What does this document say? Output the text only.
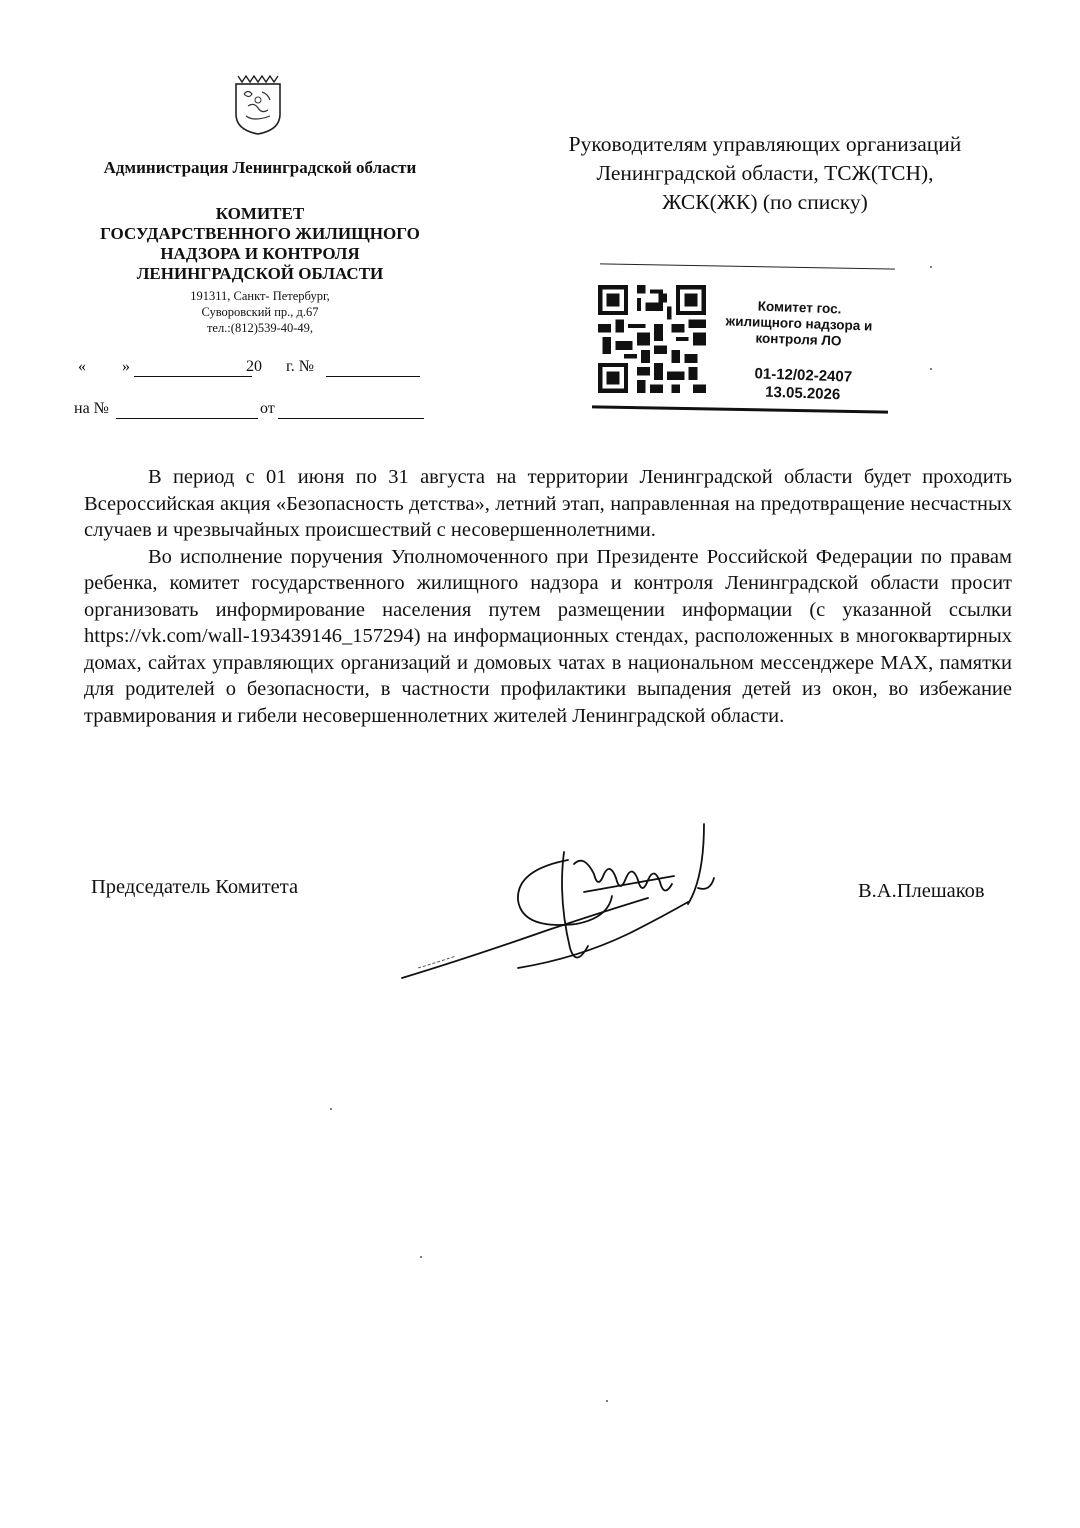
Администрация Ленинградской области
КОМИТЕТ
ГОСУДАРСТВЕННОГО ЖИЛИЩНОГО
НАДЗОРА И КОНТРОЛЯ
ЛЕНИНГРАДСКОЙ ОБЛАСТИ
191311, Санкт- Петербург,
Суворовский пр., д.67
тел.:(812)539-40-49,
« »	20 г. №
на №	от
Руководителям управляющих организаций
Ленинградской области, ТСЖ(ТСН),
ЖСК(ЖК) (по списку)
Комитет гос.
жилищного надзора и
контроля ЛО
01-12/02-2407
13.05.2026

В период с 01 июня по 31 августа на территории Ленинградской области будет проходить Всероссийская акция «Безопасность детства», летний этап, направленная на предотвращение несчастных случаев и чрезвычайных происшествий с несовершеннолетними.

Во исполнение поручения Уполномоченного при Президенте Российской Федерации по правам ребенка, комитет государственного жилищного надзора и контроля Ленинградской области просит организовать информирование населения путем размещении информации (с указанной ссылки https://vk.com/wall-193439146_157294) на информационных стендах, расположенных в многоквартирных домах, сайтах управляющих организаций и домовых чатах в национальном мессенджере MAX, памятки для родителей о безопасности, в частности профилактики выпадения детей из окон, во избежание травмирования и гибели несовершеннолетних жителей Ленинградской области.

Председатель Комитета	В.А.Плешаков
